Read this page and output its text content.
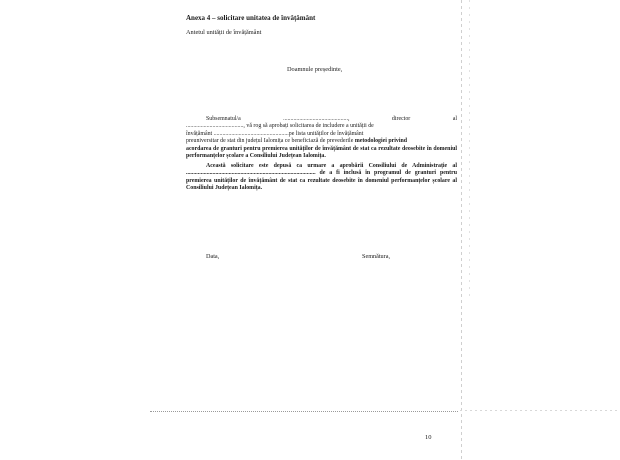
Anexa 4 – solicitare unitatea de învățământ
Antetul unității de învățământ
Doamnule președinte,
Subsemnatul/a	............................................,	director	al
......................................., vă rog să aprobați solicitarea de includere a unității de
învățământ ...................................................pe lista unităților de învățământ
preuniversitar de stat din județul Ialomița ce beneficiază de prevederile metodologiei privind
acordarea de granturi pentru premierea unităților de învățământ de stat ca rezultate deosebite în domeniul performanțelor școlare a Consiliului Județean Ialomița.
Această solicitare este depusă ca urmare a aprobării Consiliului de Administrație al ........................................................................................ de a fi inclusă în programul de granturi pentru premierea unităților de învățământ de stat ca rezultate deosebite în domeniul performanțelor școlare al Consiliului Județean Ialomița.
Data,	Semnătura,
10
